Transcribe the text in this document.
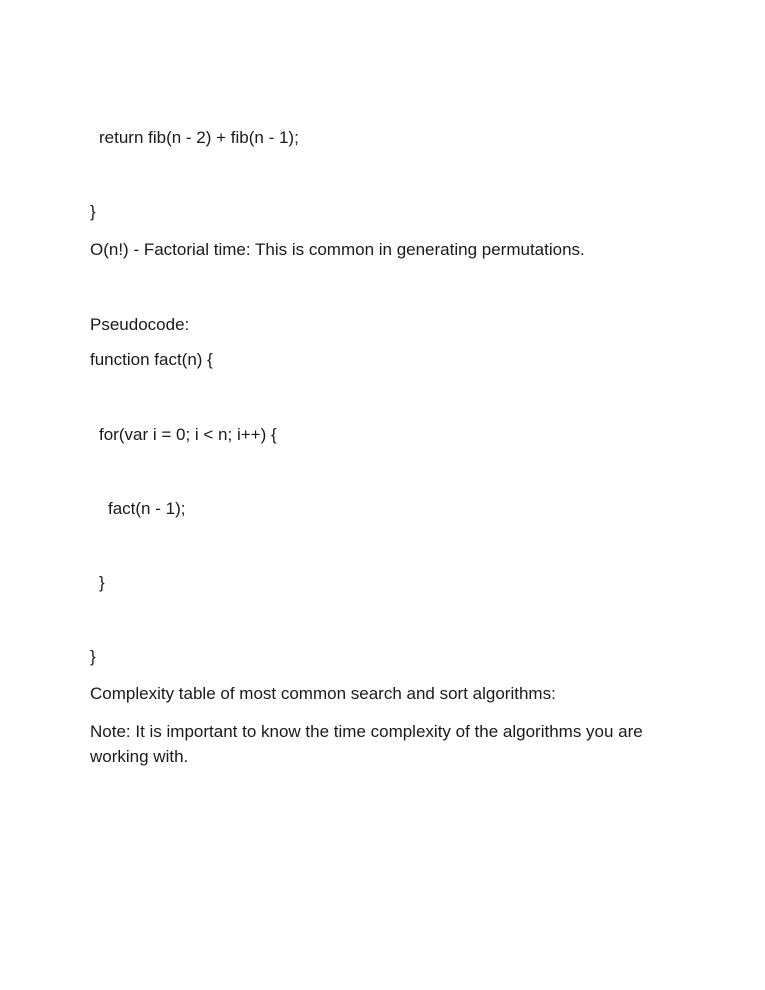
return fib(n - 2) + fib(n - 1);
}
O(n!) - Factorial time: This is common in generating permutations.
Pseudocode:
function fact(n) {
for(var i = 0; i < n; i++) {
fact(n - 1);
}
}
Complexity table of most common search and sort algorithms:
Note: It is important to know the time complexity of the algorithms you are working with.
